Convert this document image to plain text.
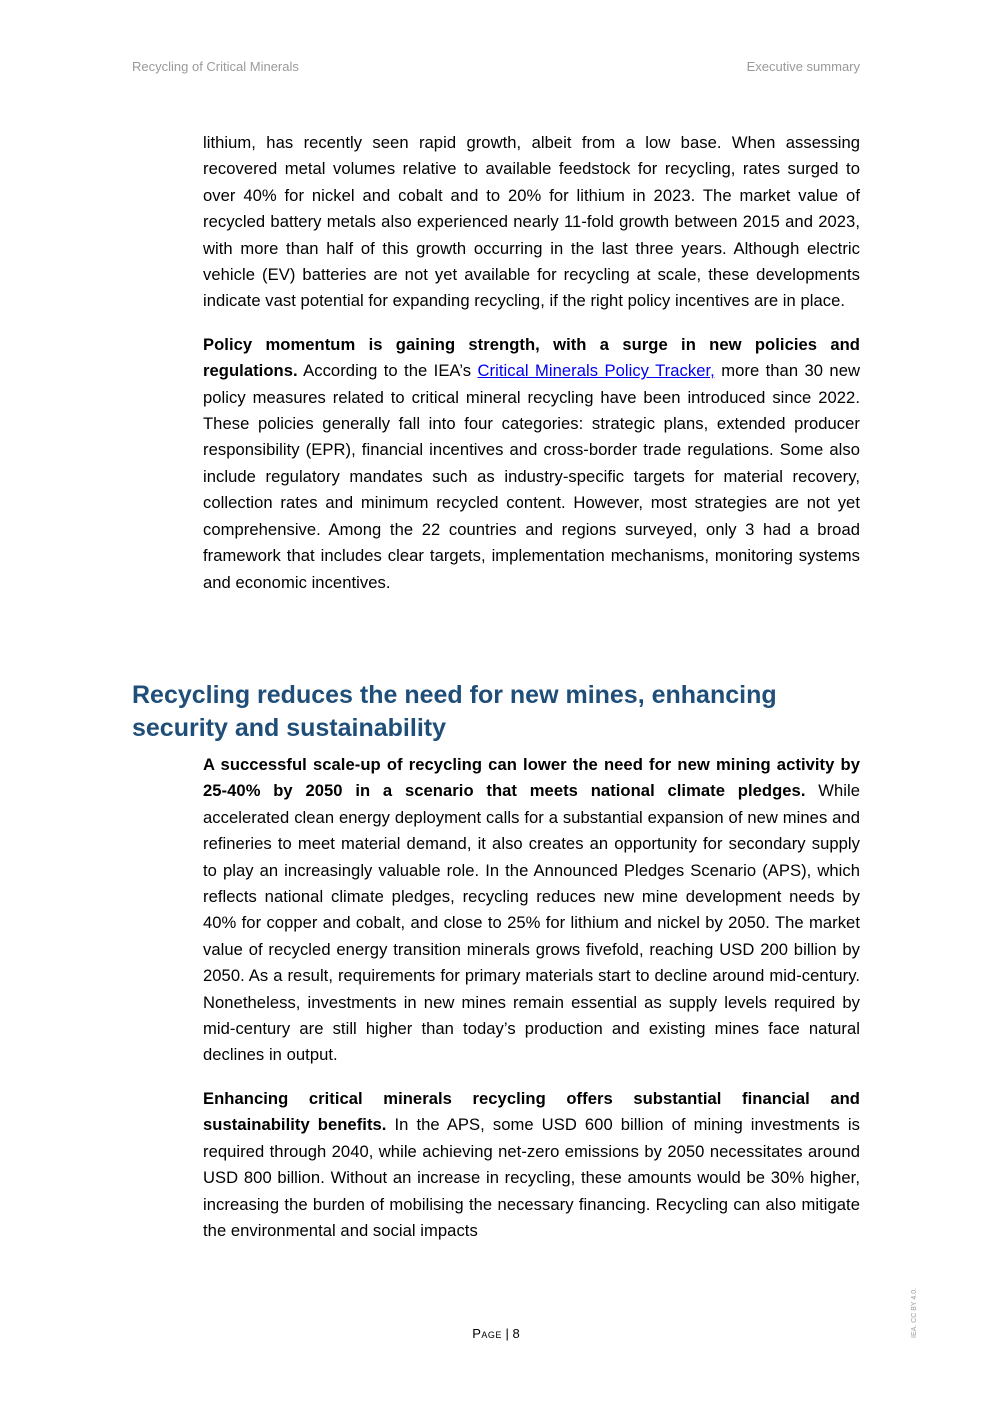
Recycling of Critical Minerals	Executive summary

lithium, has recently seen rapid growth, albeit from a low base. When assessing recovered metal volumes relative to available feedstock for recycling, rates surged to over 40% for nickel and cobalt and to 20% for lithium in 2023. The market value of recycled battery metals also experienced nearly 11-fold growth between 2015 and 2023, with more than half of this growth occurring in the last three years. Although electric vehicle (EV) batteries are not yet available for recycling at scale, these developments indicate vast potential for expanding recycling, if the right policy incentives are in place.

Policy momentum is gaining strength, with a surge in new policies and regulations. According to the IEA’s Critical Minerals Policy Tracker, more than 30 new policy measures related to critical mineral recycling have been introduced since 2022. These policies generally fall into four categories: strategic plans, extended producer responsibility (EPR), financial incentives and cross-border trade regulations. Some also include regulatory mandates such as industry-specific targets for material recovery, collection rates and minimum recycled content. However, most strategies are not yet comprehensive. Among the 22 countries and regions surveyed, only 3 had a broad framework that includes clear targets, implementation mechanisms, monitoring systems and economic incentives.

Recycling reduces the need for new mines, enhancing security and sustainability

A successful scale-up of recycling can lower the need for new mining activity by 25-40% by 2050 in a scenario that meets national climate pledges. While accelerated clean energy deployment calls for a substantial expansion of new mines and refineries to meet material demand, it also creates an opportunity for secondary supply to play an increasingly valuable role. In the Announced Pledges Scenario (APS), which reflects national climate pledges, recycling reduces new mine development needs by 40% for copper and cobalt, and close to 25% for lithium and nickel by 2050. The market value of recycled energy transition minerals grows fivefold, reaching USD 200 billion by 2050. As a result, requirements for primary materials start to decline around mid-century. Nonetheless, investments in new mines remain essential as supply levels required by mid-century are still higher than today’s production and existing mines face natural declines in output.

Enhancing critical minerals recycling offers substantial financial and sustainability benefits. In the APS, some USD 600 billion of mining investments is required through 2040, while achieving net-zero emissions by 2050 necessitates around USD 800 billion. Without an increase in recycling, these amounts would be 30% higher, increasing the burden of mobilising the necessary financing. Recycling can also mitigate the environmental and social impacts

Page | 8	IEA. CC BY 4.0.
